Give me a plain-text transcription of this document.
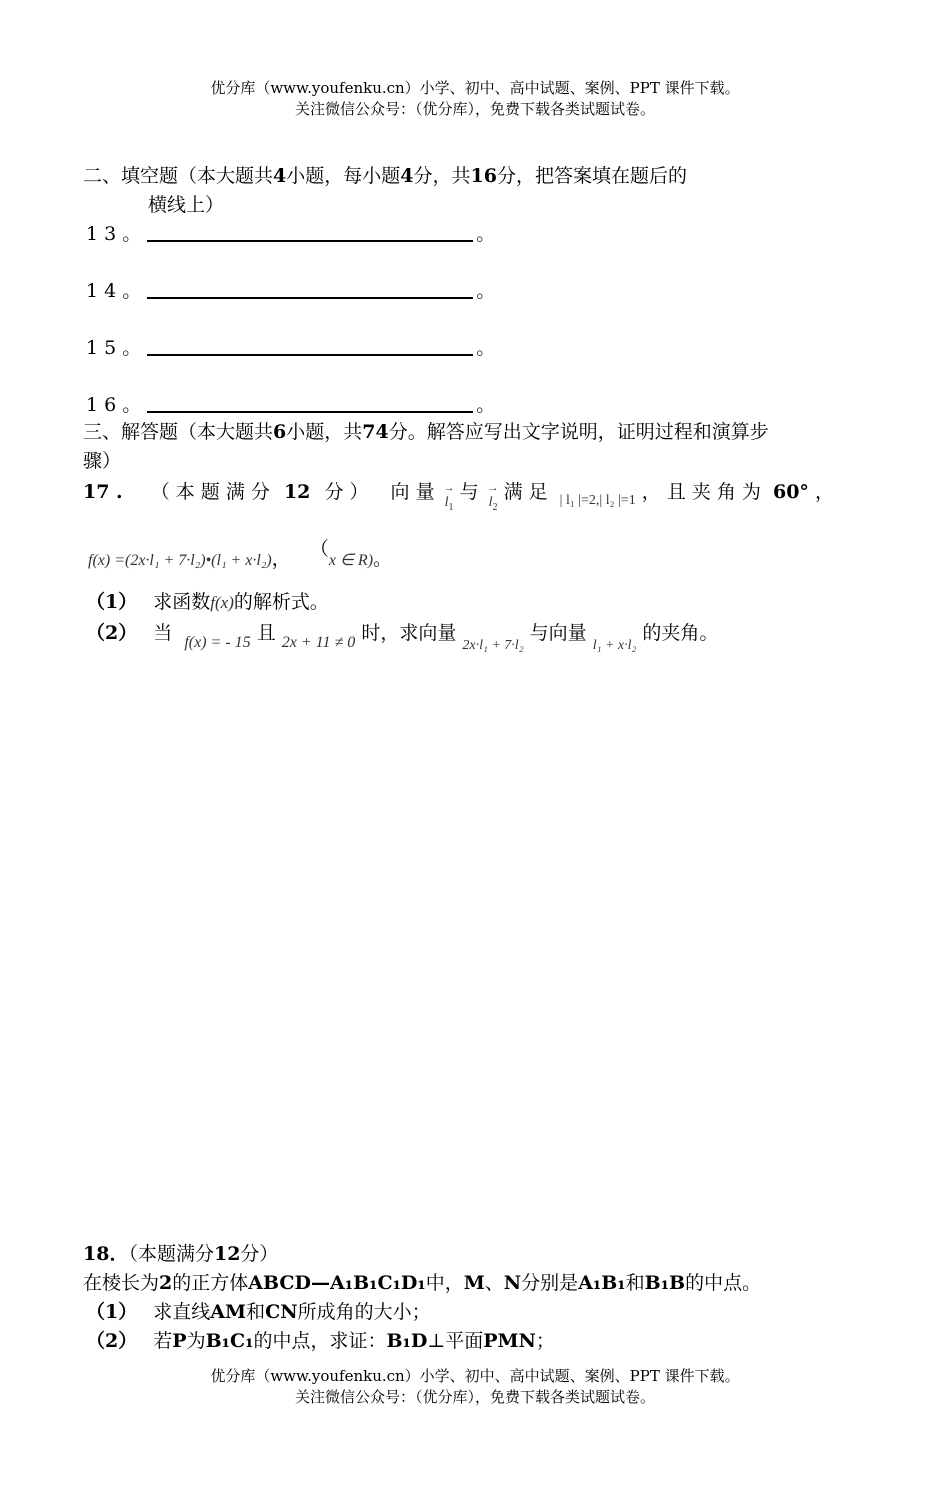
优分库（www.youfenku.cn）小学、初中、高中试题、案例、PPT 课件下载。
关注微信公众号：（优分库），免费下载各类试题试卷。
二、填空题（本大题共4小题，每小题4分，共16分，把答案填在题后的
横线上）
1 3 。	。
1 4 。	。
1 5 。	。
1 6 。	。
三、解答题（本大题共6小题，共74分。解答应写出文字说明，证明过程和演算步
骤）
17 . （ 本 题 满 分 12 分 ） 向 量 → $_{l_1}$ 与 → $_{l_2}$ 满 足 $_{| l_1 |=2,| l_2 |=1}$ ， 且 夹 角 为 60° ，
f(x) =(2x·l₁ + 7·l₂)•(l₁ + x·l₂)， （x ∈ R)。
（1） 求函数f(x)的解析式。
（2） 当 $_{f(x) = - 15}$ 且 $_{2x + 11 \ne 0}$ 时，求向量 $_{2x\cdot l_1 + 7\cdot l_2}$ 与向量 $_{l_1 + x\cdot l_2}$ 的夹角。
18．（本题满分12分）
在棱长为2的正方体ABCD—A₁B₁C₁D₁中，M、N分别是A₁B₁和B₁B的中点。
（1） 求直线AM和CN所成角的大小；
（2） 若P为B₁C₁的中点，求证：B₁D⊥平面PMN；
优分库（www.youfenku.cn）小学、初中、高中试题、案例、PPT 课件下载。
关注微信公众号：（优分库），免费下载各类试题试卷。
